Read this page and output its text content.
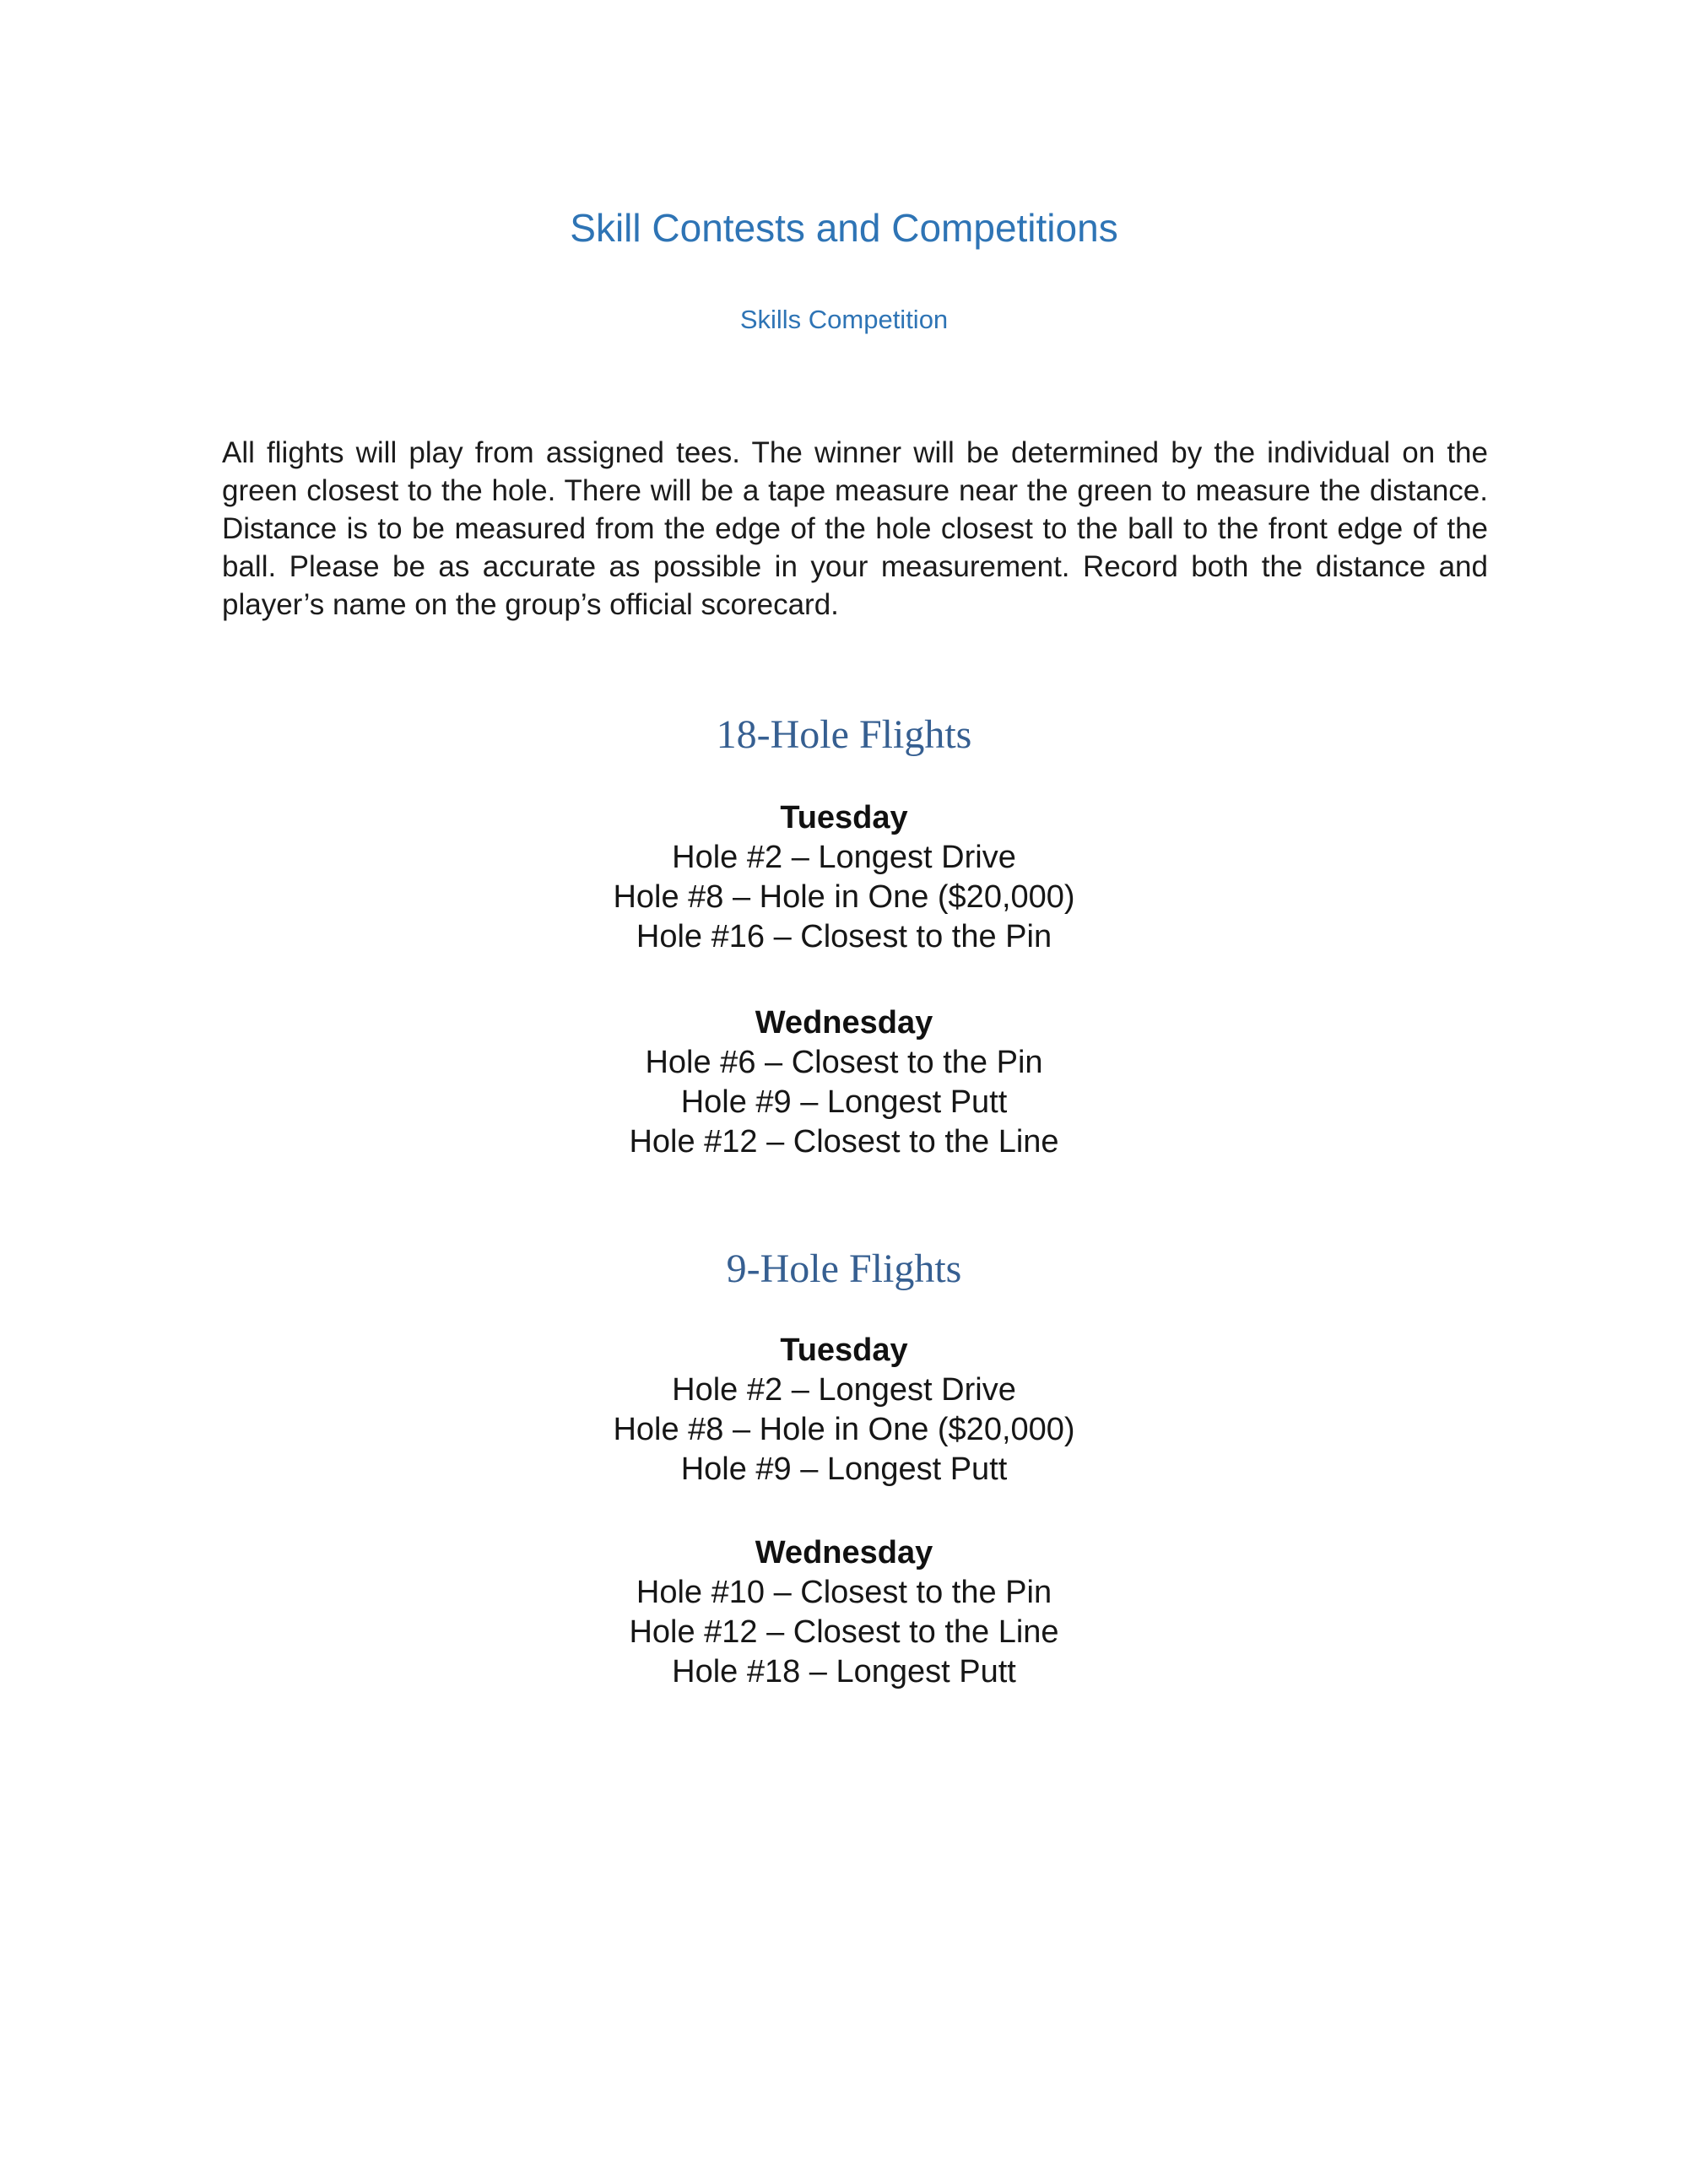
Skill Contests and Competitions
Skills Competition

All flights will play from assigned tees. The winner will be determined by the individual on the green closest to the hole. There will be a tape measure near the green to measure the distance. Distance is to be measured from the edge of the hole closest to the ball to the front edge of the ball. Please be as accurate as possible in your measurement. Record both the distance and player’s name on the group’s official scorecard.

18-Hole Flights

Tuesday

Hole #2 – Longest Drive

Hole #8 – Hole in One ($20,000)

Hole #16 – Closest to the Pin

Wednesday

Hole #6 – Closest to the Pin

Hole #9 – Longest Putt

Hole #12 – Closest to the Line

9-Hole Flights

Tuesday

Hole #2 – Longest Drive

Hole #8 – Hole in One ($20,000)

Hole #9 – Longest Putt

Wednesday

Hole #10 – Closest to the Pin

Hole #12 – Closest to the Line

Hole #18 – Longest Putt
